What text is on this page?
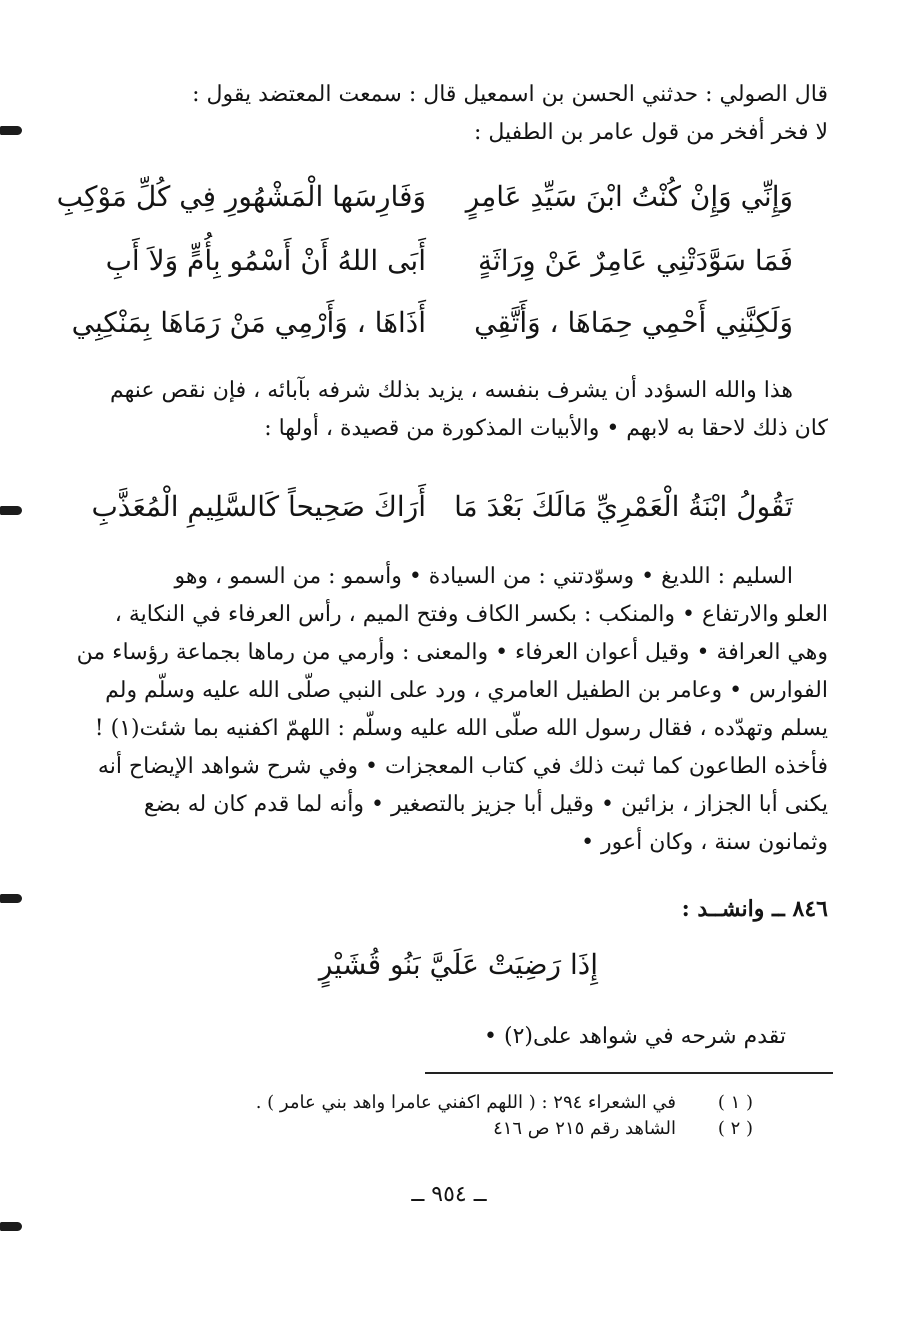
قال الصولي : حدثني الحسن بن اسمعيل قال : سمعت المعتضد يقول :
لا فخر أفخر من قول عامر بن الطفيل :
وَإِنِّي وَإِنْ كُنْتُ ابْنَ سَيِّدِ عَامِرٍ
وَفَارِسَها الْمَشْهُورِ فِي كُلِّ مَوْكِبِ
فَمَا سَوَّدَتْنِي عَامِرٌ عَنْ وِرَاثَةٍ
أَبَى اللهُ أَنْ أَسْمُو بِأُمٍّ وَلاَ أَبِ
وَلَكِنَّنِي أَحْمِي حِمَاهَا ، وَأَتَّقِي
أَذَاهَا ، وَأَرْمِي مَنْ رَمَاهَا بِمَنْكِبِي
هذا والله السؤدد أن يشرف بنفسه ، يزيد بذلك شرفه بآبائه ، فإن نقص عنهم
كان ذلك لاحقا به لابهم • والأبيات المذكورة من قصيدة ، أولها :
تَقُولُ ابْنَةُ الْعَمْرِيِّ مَالَكَ بَعْدَ مَا
أَرَاكَ صَحِيحاً كَالسَّلِيمِ الْمُعَذَّبِ
السليم : اللديغ • وسوّدتني : من السيادة • وأسمو : من السمو ، وهو
العلو والارتفاع • والمنكب : بكسر الكاف وفتح الميم ، رأس العرفاء في النكاية ،
وهي العرافة • وقيل أعوان العرفاء • والمعنى : وأرمي من رماها بجماعة رؤساء من
الفوارس • وعامر بن الطفيل العامري ، ورد على النبي صلّى الله عليه وسلّم ولم
يسلم وتهدّده ، فقال رسول الله صلّى الله عليه وسلّم : اللهمّ اكفنيه بما شئت(١) !
فأخذه الطاعون كما ثبت ذلك في كتاب المعجزات • وفي شرح شواهد الإيضاح أنه
يكنى أبا الجزاز ، بزائين • وقيل أبا جزيز بالتصغير • وأنه لما قدم كان له بضع
وثمانون سنة ، وكان أعور •
٨٤٦ ــ وانشــد :
إِذَا رَضِيَتْ عَلَيَّ بَنُو قُشَيْرٍ
تقدم شرحه في شواهد على(٢) •
( ١ )
في الشعراء ٢٩٤ : ( اللهم اكفني عامرا واهد بني عامر ) .
( ٢ )
الشاهد رقم ٢١٥ ص ٤١٦
ــ ٩٥٤ ــ
